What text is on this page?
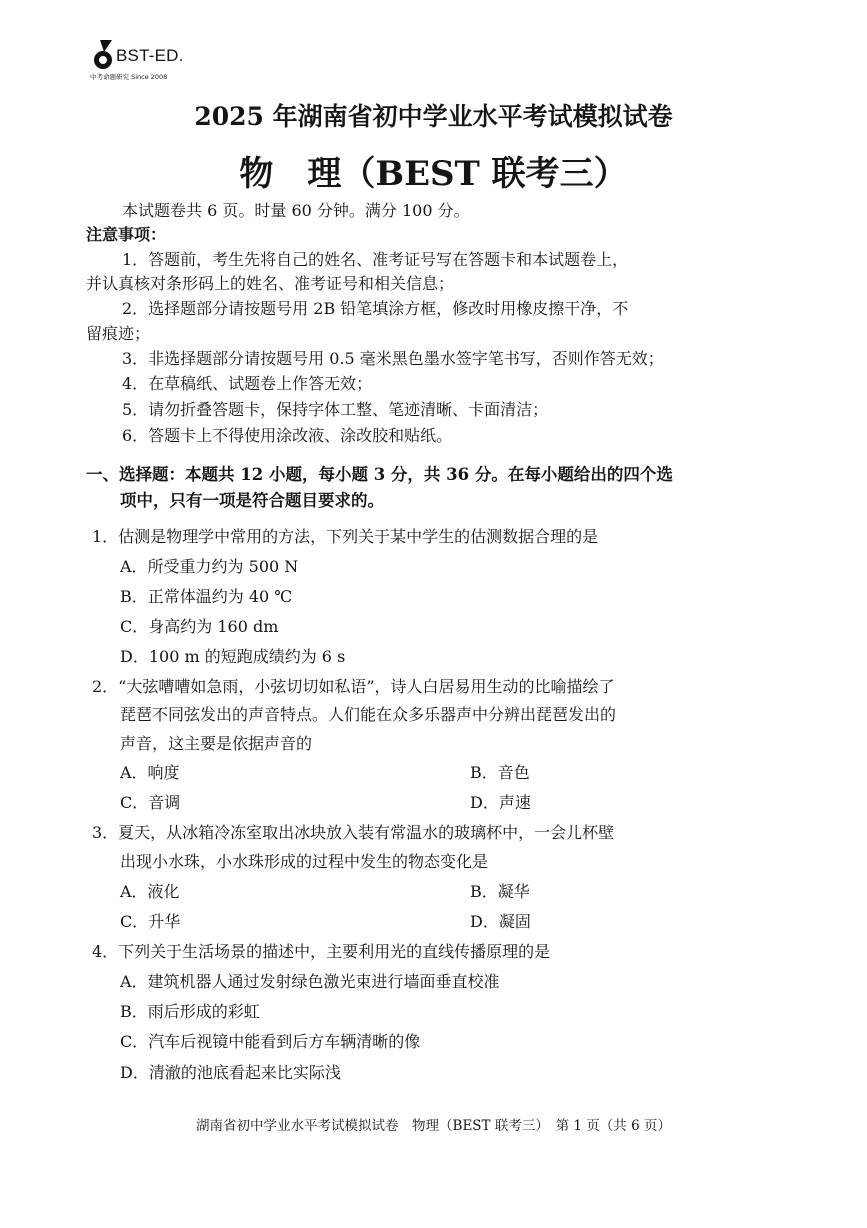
BST-ED.
中考命题研究 Since 2008
2025 年湖南省初中学业水平考试模拟试卷
物　理（BEST 联考三）
本试题卷共 6 页。时量 60 分钟。满分 100 分。
注意事项：
1．答题前，考生先将自己的姓名、准考证号写在答题卡和本试题卷上，
并认真核对条形码上的姓名、准考证号和相关信息；
2．选择题部分请按题号用 2B 铅笔填涂方框，修改时用橡皮擦干净，不
留痕迹；
3．非选择题部分请按题号用 0.5 毫米黑色墨水签字笔书写，否则作答无效；
4．在草稿纸、试题卷上作答无效；
5．请勿折叠答题卡，保持字体工整、笔迹清晰、卡面清洁；
6．答题卡上不得使用涂改液、涂改胶和贴纸。
一、选择题：本题共 12 小题，每小题 3 分，共 36 分。在每小题给出的四个选
项中，只有一项是符合题目要求的。
1．估测是物理学中常用的方法，下列关于某中学生的估测数据合理的是
A．所受重力约为 500 N
B．正常体温约为 40 ℃
C．身高约为 160 dm
D．100 m 的短跑成绩约为 6 s
2．“大弦嘈嘈如急雨，小弦切切如私语”，诗人白居易用生动的比喻描绘了
琵琶不同弦发出的声音特点。人们能在众多乐器声中分辨出琵琶发出的
声音，这主要是依据声音的
A．响度	B．音色
C．音调	D．声速
3．夏天，从冰箱冷冻室取出冰块放入装有常温水的玻璃杯中，一会儿杯壁
出现小水珠，小水珠形成的过程中发生的物态变化是
A．液化	B．凝华
C．升华	D．凝固
4．下列关于生活场景的描述中，主要利用光的直线传播原理的是
A．建筑机器人通过发射绿色激光束进行墙面垂直校准
B．雨后形成的彩虹
C．汽车后视镜中能看到后方车辆清晰的像
D．清澈的池底看起来比实际浅
湖南省初中学业水平考试模拟试卷　物理（BEST 联考三）　第 1 页（共 6 页）
